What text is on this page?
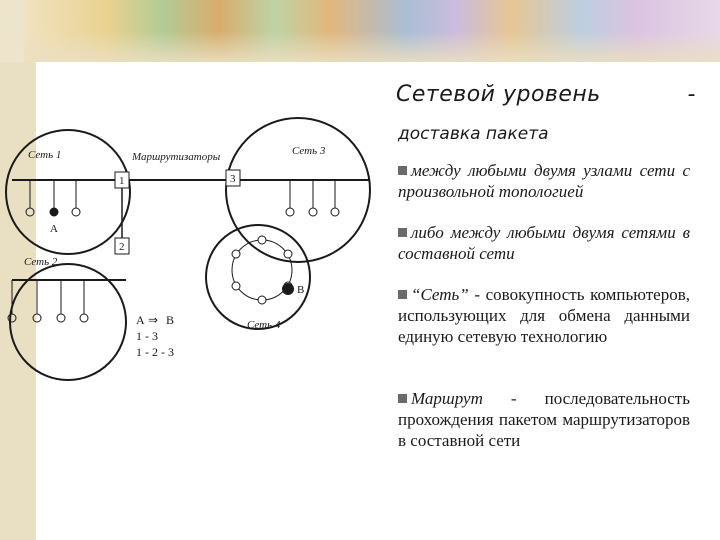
1	3
2
Сеть 1	Маршрутизаторы	Сеть 3
Сеть 2
Сеть 4
А
В
А ⇒ В
1 - 3
1 - 2 - 3
Сетевой уровень	-
доставка пакета
между любыми двумя узлами сети с произвольной топологией
либо между любыми двумя сетями в составной сети
“Сеть” - совокупность компьютеров, использующих для обмена данными единую сетевую технологию
Маршрут - последовательность прохождения пакетом маршрутизаторов в составной сети
